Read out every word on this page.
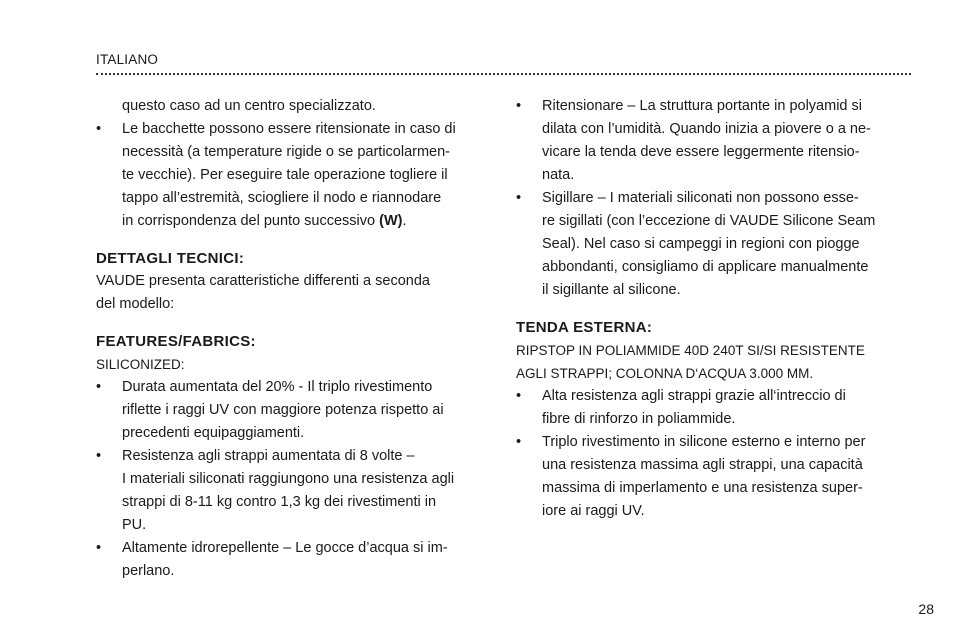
ITALIANO

questo caso ad un centro specializzato.

• Le bacchette possono essere ritensionate in caso di
necessità (a temperature rigide o se particolarmen-
te vecchie). Per eseguire tale operazione togliere il
tappo all’estremità, sciogliere il nodo e riannodare
in corrispondenza del punto successivo (W).

DETTAGLI TECNICI:

VAUDE presenta caratteristiche differenti a seconda

del modello:

FEATURES/FABRICS:

SILICONIZED:

• Durata aumentata del 20% - Il triplo rivestimento
riflette i raggi UV con maggiore potenza rispetto ai
precedenti equipaggiamenti.
• Resistenza agli strappi aumentata di 8 volte –
I materiali siliconati raggiungono una resistenza agli
strappi di 8-11 kg contro 1,3 kg dei rivestimenti in
PU.
• Altamente idrorepellente – Le gocce d’acqua si im-
perlano.
• Ritensionare – La struttura portante in polyamid si
dilata con l’umidità. Quando inizia a piovere o a ne-
vicare la tenda deve essere leggermente ritensio-
nata.
• Sigillare – I materiali siliconati non possono esse-
re sigillati (con l’eccezione di VAUDE Silicone Seam
Seal). Nel caso si campeggi in regioni con piogge
abbondanti, consigliamo di applicare manualmente
il sigillante al silicone.

TENDA ESTERNA:

RIPSTOP IN POLIAMMIDE 40D 240T SI/SI RESISTENTE

AGLI STRAPPI; COLONNA D‘ACQUA 3.000 MM.

• Alta resistenza agli strappi grazie all‘intreccio di
fibre di rinforzo in poliammide.
• Triplo rivestimento in silicone esterno e interno per
una resistenza massima agli strappi, una capacità
massima di imperlamento e una resistenza super-
iore ai raggi UV.
28
